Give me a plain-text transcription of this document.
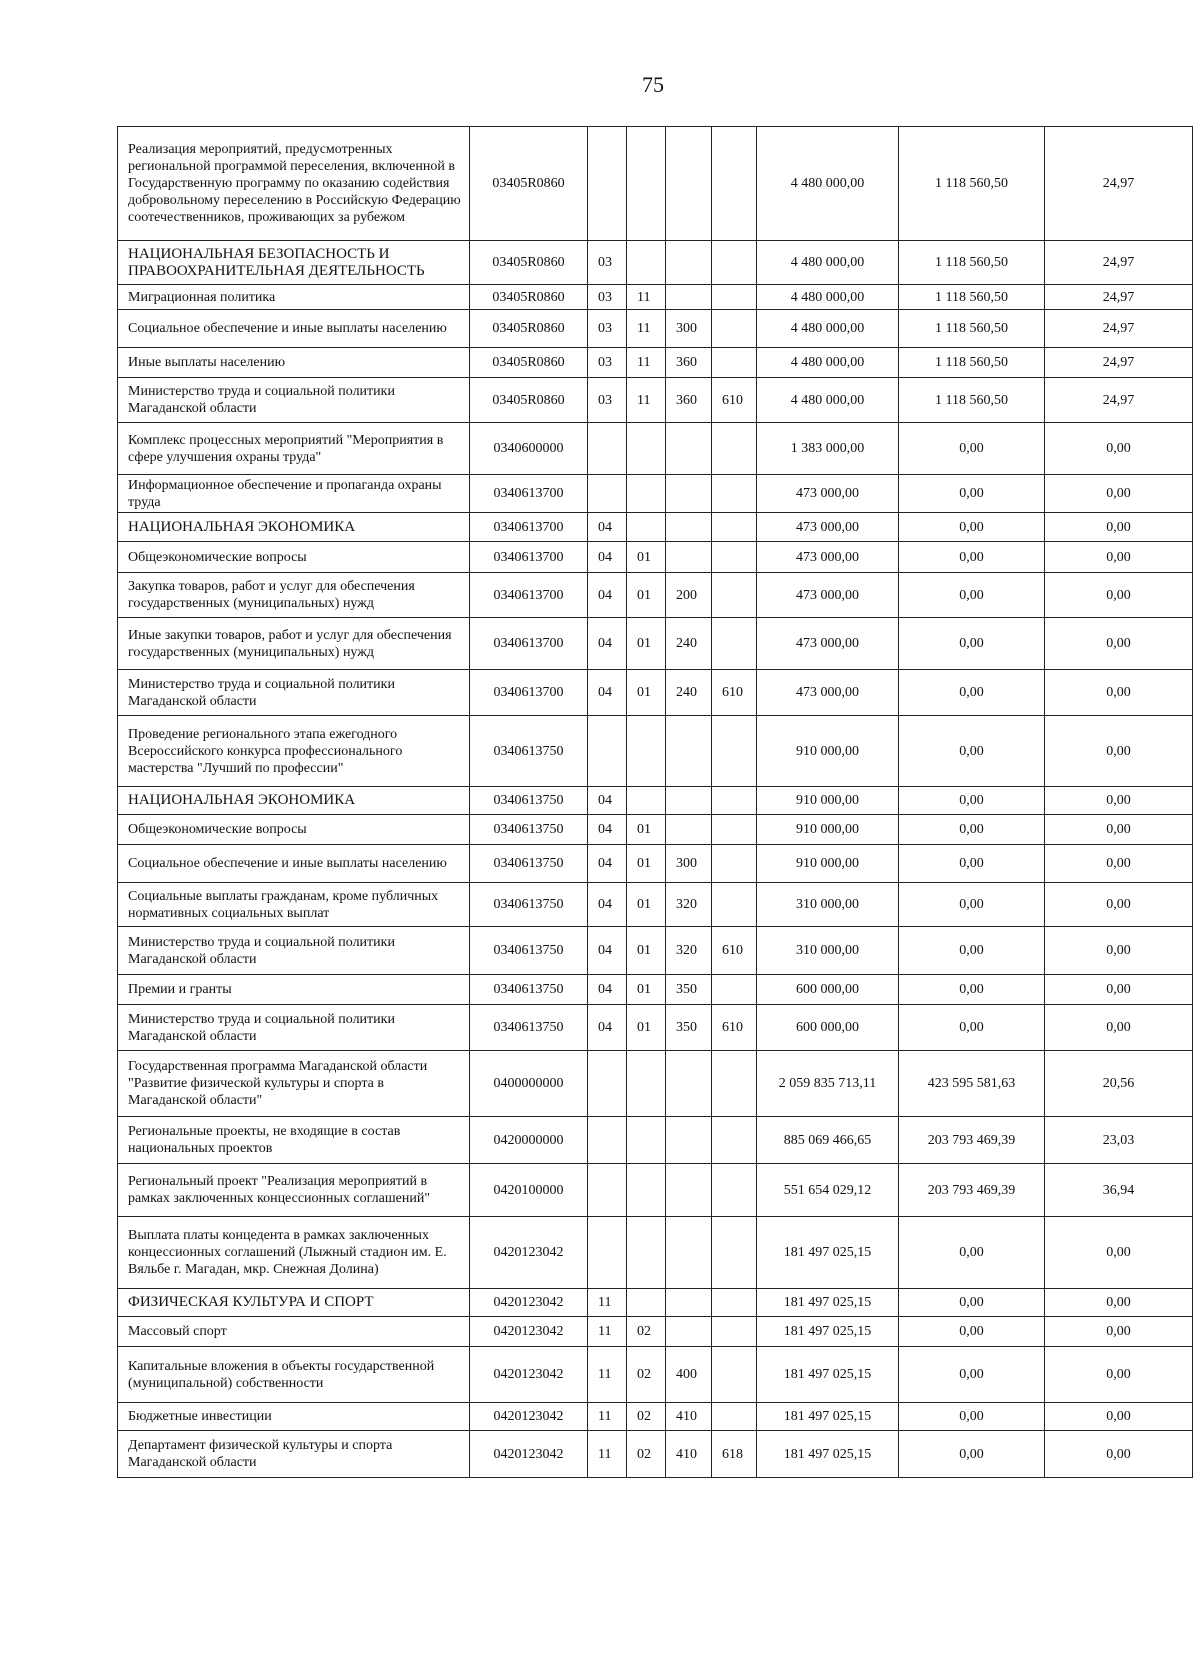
75
Реализация мероприятий, предусмотренных региональной программой переселения, включенной в Государственную программу по оказанию содействия добровольному переселению в Российскую Федерацию соотечественников, проживающих за рубежом	03405R0860					4 480 000,00	1 118 560,50	24,97
НАЦИОНАЛЬНАЯ БЕЗОПАСНОСТЬ И ПРАВООХРАНИТЕЛЬНАЯ ДЕЯТЕЛЬНОСТЬ	03405R0860	03				4 480 000,00	1 118 560,50	24,97
Миграционная политика	03405R0860	03	11			4 480 000,00	1 118 560,50	24,97
Социальное обеспечение и иные выплаты населению	03405R0860	03	11	300		4 480 000,00	1 118 560,50	24,97
Иные выплаты населению	03405R0860	03	11	360		4 480 000,00	1 118 560,50	24,97
Министерство труда и социальной политики Магаданской области	03405R0860	03	11	360	610	4 480 000,00	1 118 560,50	24,97
Комплекс процессных мероприятий "Мероприятия в сфере улучшения охраны труда"	0340600000					1 383 000,00	0,00	0,00
Информационное обеспечение и пропаганда охраны труда	0340613700					473 000,00	0,00	0,00
НАЦИОНАЛЬНАЯ ЭКОНОМИКА	0340613700	04				473 000,00	0,00	0,00
Общеэкономические вопросы	0340613700	04	01			473 000,00	0,00	0,00
Закупка товаров, работ и услуг для обеспечения государственных (муниципальных) нужд	0340613700	04	01	200		473 000,00	0,00	0,00
Иные закупки товаров, работ и услуг для обеспечения государственных (муниципальных) нужд	0340613700	04	01	240		473 000,00	0,00	0,00
Министерство труда и социальной политики Магаданской области	0340613700	04	01	240	610	473 000,00	0,00	0,00
Проведение регионального этапа ежегодного Всероссийского конкурса профессионального мастерства "Лучший по профессии"	0340613750					910 000,00	0,00	0,00
НАЦИОНАЛЬНАЯ ЭКОНОМИКА	0340613750	04				910 000,00	0,00	0,00
Общеэкономические вопросы	0340613750	04	01			910 000,00	0,00	0,00
Социальное обеспечение и иные выплаты населению	0340613750	04	01	300		910 000,00	0,00	0,00
Социальные выплаты гражданам, кроме публичных нормативных социальных выплат	0340613750	04	01	320		310 000,00	0,00	0,00
Министерство труда и социальной политики Магаданской области	0340613750	04	01	320	610	310 000,00	0,00	0,00
Премии и гранты	0340613750	04	01	350		600 000,00	0,00	0,00
Министерство труда и социальной политики Магаданской области	0340613750	04	01	350	610	600 000,00	0,00	0,00
Государственная программа Магаданской области "Развитие физической культуры и спорта в Магаданской области"	0400000000					2 059 835 713,11	423 595 581,63	20,56
Региональные проекты, не входящие в состав национальных проектов	0420000000					885 069 466,65	203 793 469,39	23,03
Региональный проект "Реализация мероприятий в рамках заключенных концессионных соглашений"	0420100000					551 654 029,12	203 793 469,39	36,94
Выплата платы концедента в рамках заключенных концессионных соглашений (Лыжный стадион им. Е. Вяльбе г. Магадан, мкр. Снежная Долина)	0420123042					181 497 025,15	0,00	0,00
ФИЗИЧЕСКАЯ КУЛЬТУРА И СПОРТ	0420123042	11				181 497 025,15	0,00	0,00
Массовый спорт	0420123042	11	02			181 497 025,15	0,00	0,00
Капитальные вложения в объекты государственной (муниципальной) собственности	0420123042	11	02	400		181 497 025,15	0,00	0,00
Бюджетные инвестиции	0420123042	11	02	410		181 497 025,15	0,00	0,00
Департамент физической культуры и спорта Магаданской области	0420123042	11	02	410	618	181 497 025,15	0,00	0,00
